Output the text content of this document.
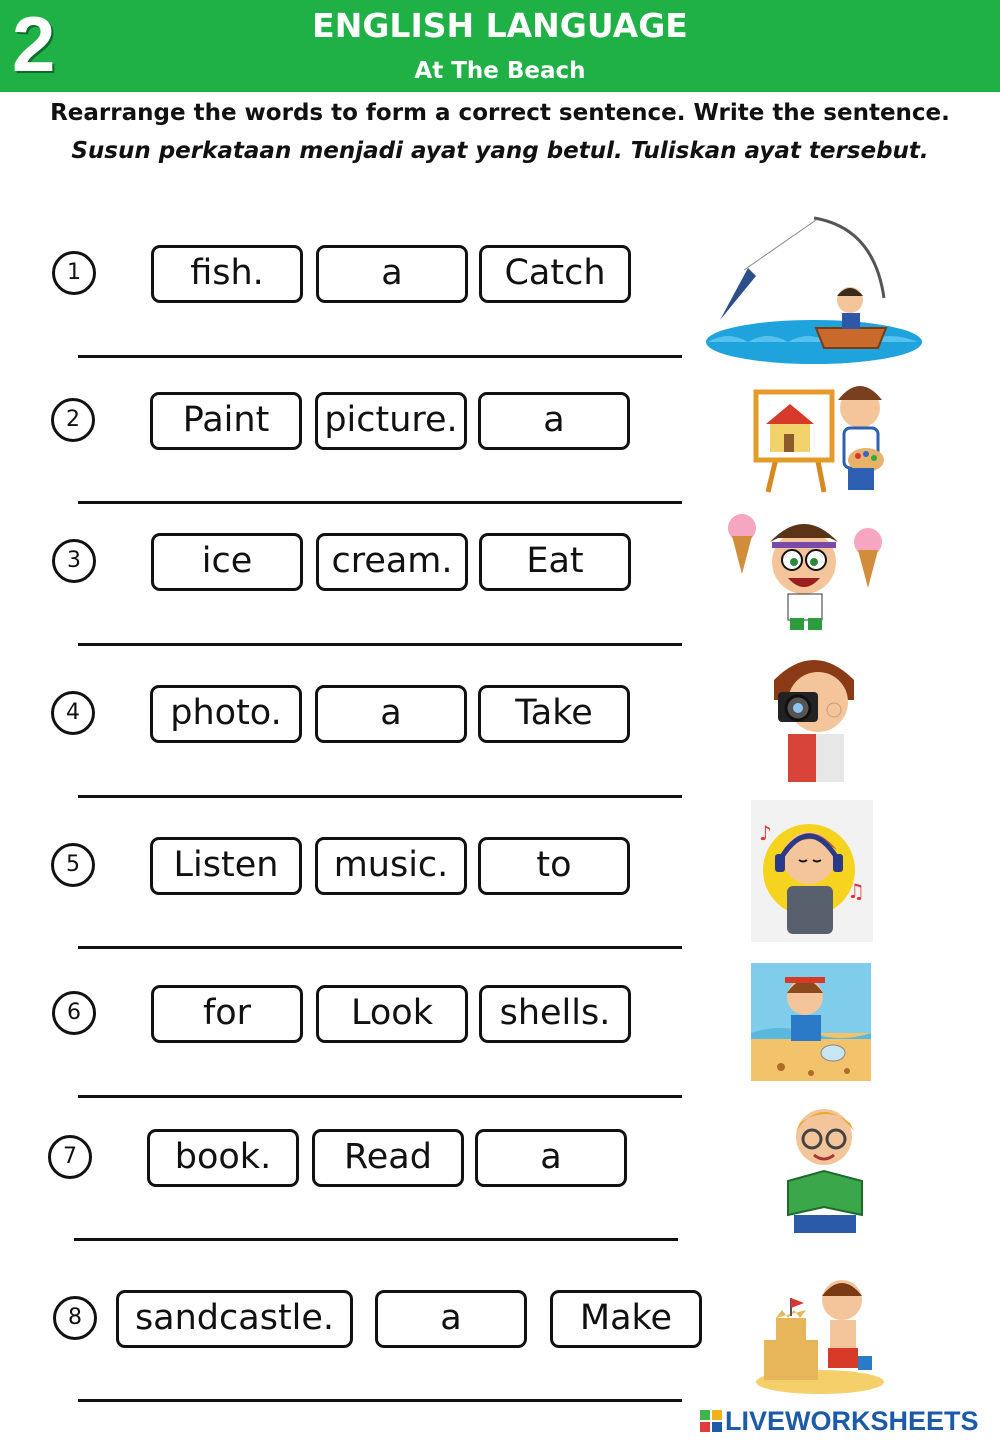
2	ENGLISH LANGUAGE
At The Beach
Rearrange the words to form a correct sentence. Write the sentence.
Susun perkataan menjadi ayat yang betul. Tuliskan ayat tersebut.
1	fish.	a	Catch
2	Paint	picture.	a
3	ice	cream.	Eat
4	photo.	a	Take
5	Listen	music.	to
6	for	Look	shells.
7	book.	Read	a
8	sandcastle.	a	Make
♪
♫
LIVEWORKSHEETS
